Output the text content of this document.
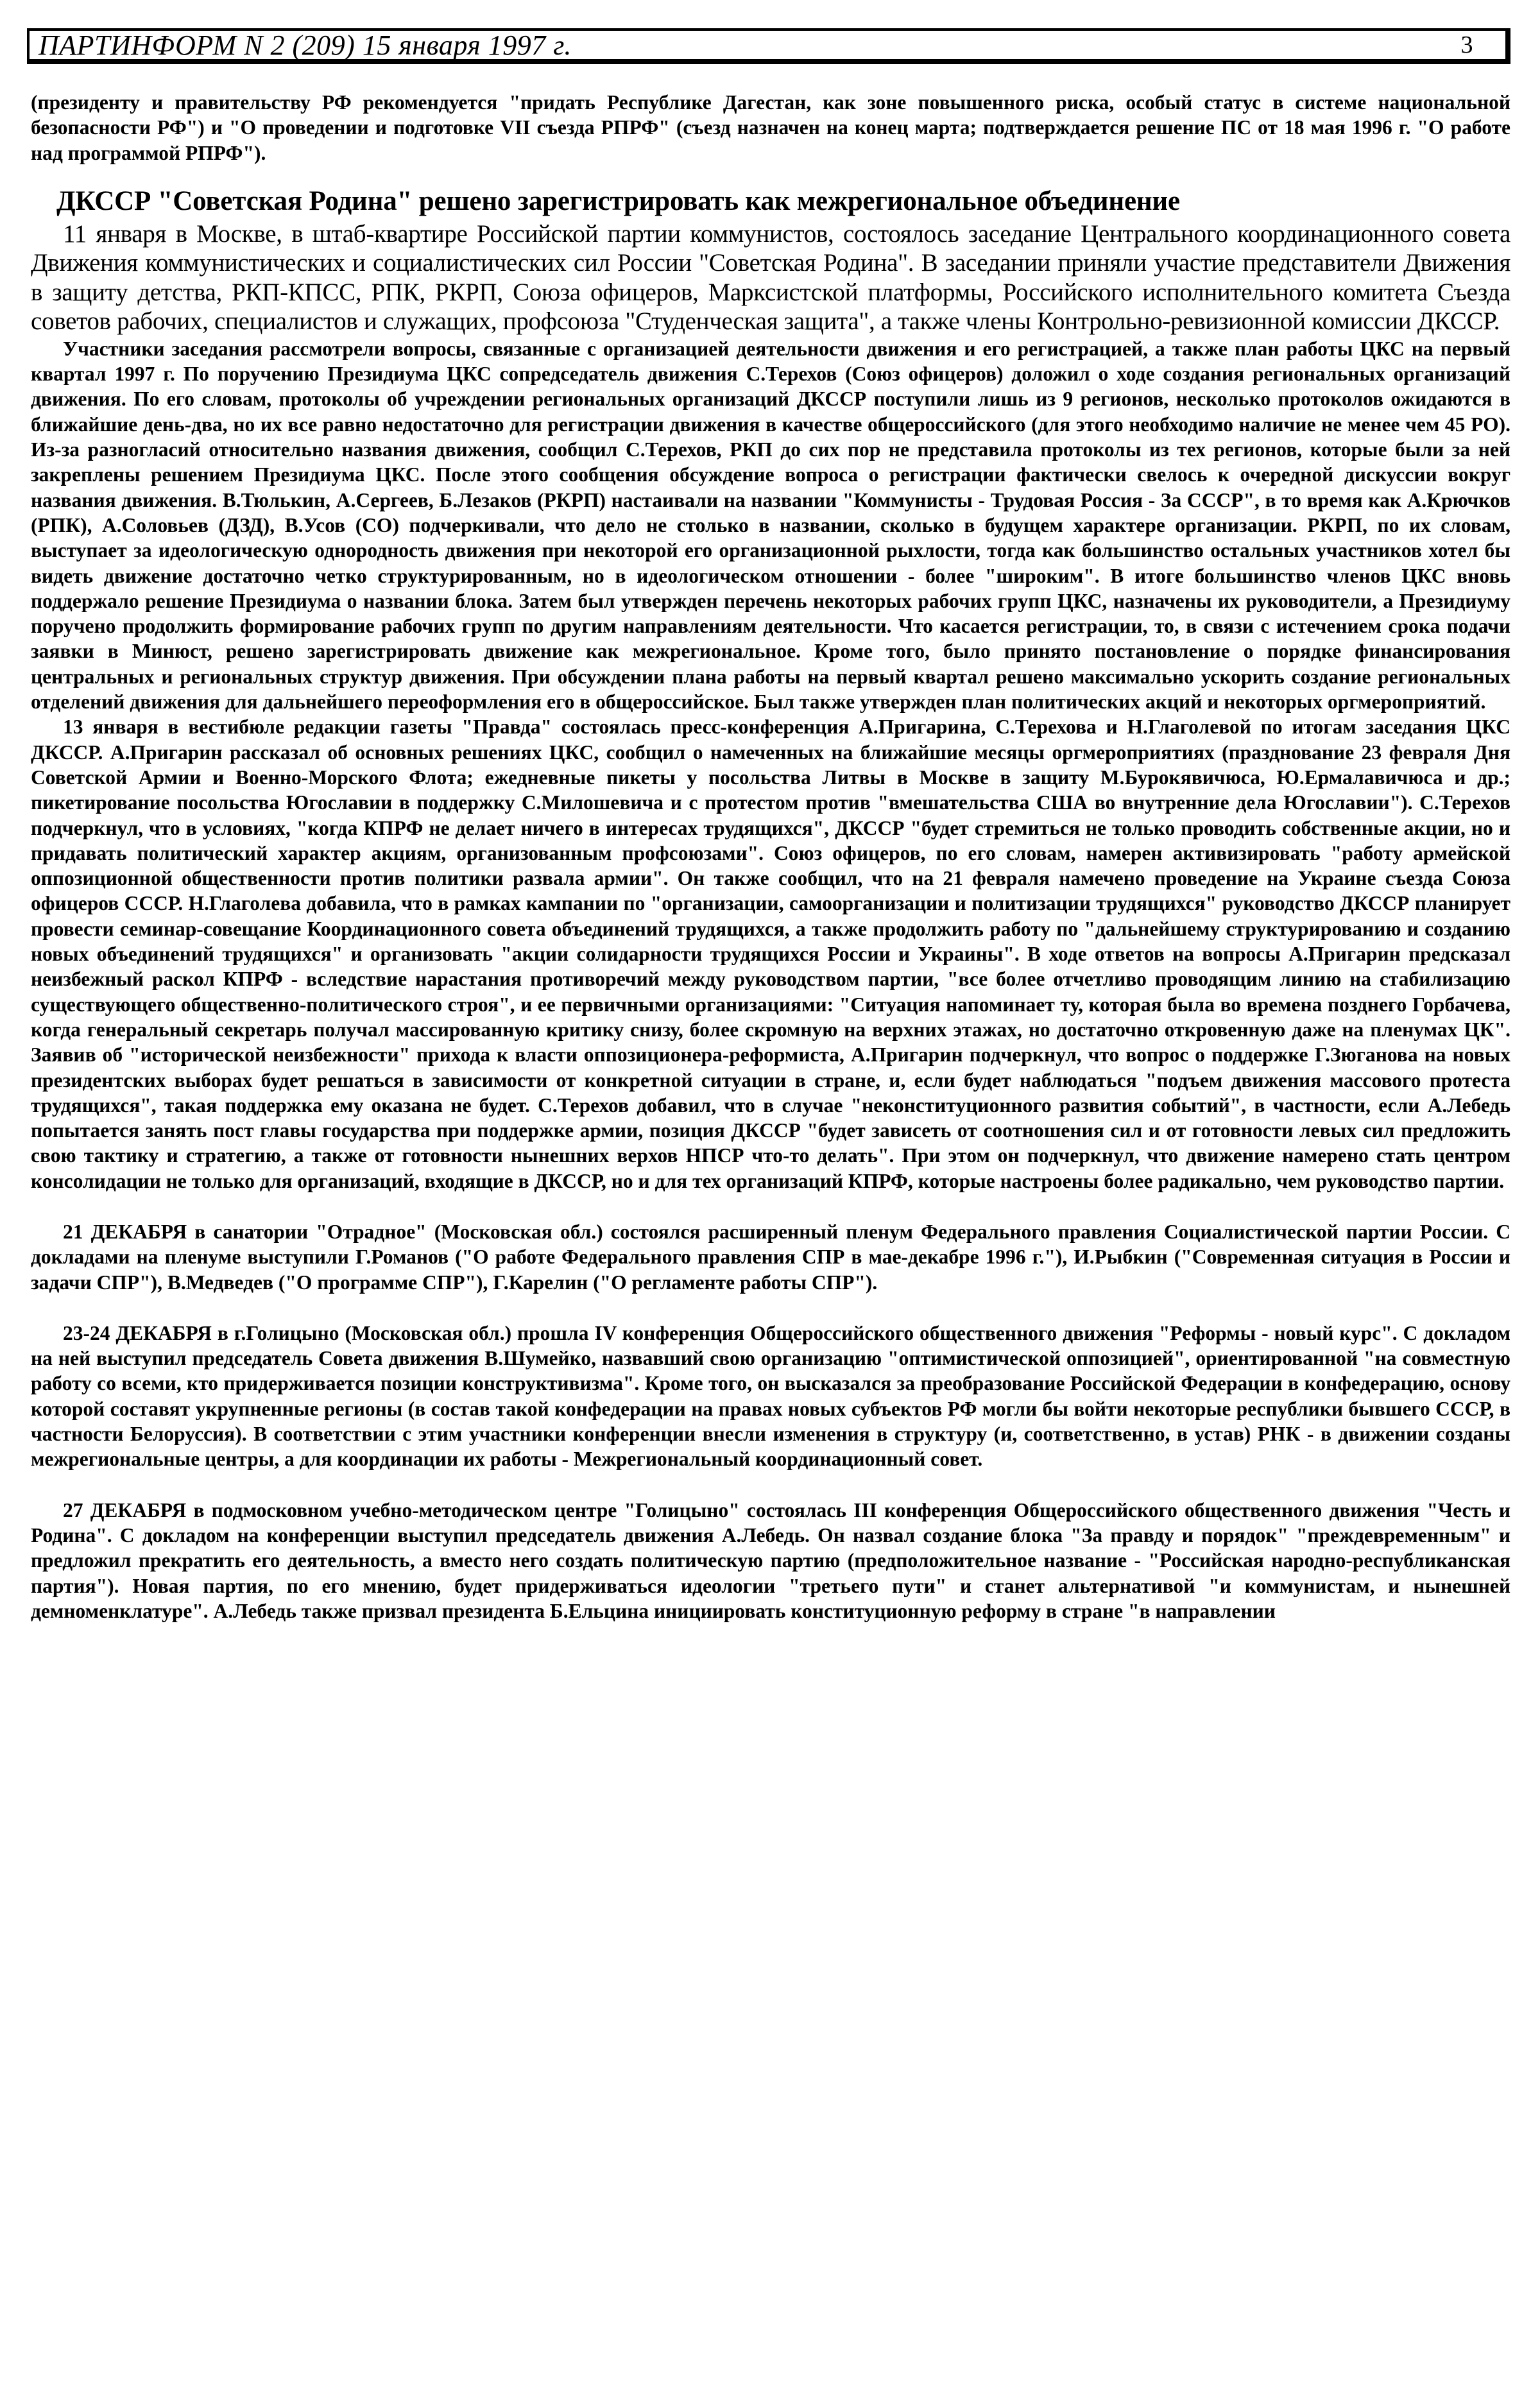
ПАРТИНФОРМ N 2 (209) 15 января 1997 г.	3

(президенту и правительству РФ рекомендуется "придать Республике Дагестан, как зоне повышенного риска, особый статус в системе национальной безопасности РФ") и "О проведении и подготовке VII съезда РПРФ" (съезд назначен на конец марта; подтверждается решение ПС от 18 мая 1996 г. "О работе над программой РПРФ").

ДКССР "Советская Родина" решено зарегистрировать как межрегиональное объединение

11 января в Москве, в штаб-квартире Российской партии коммунистов, состоялось заседание Центрального координационного совета Движения коммунистических и социалистических сил России "Советская Родина". В заседании приняли участие представители Движения в защиту детства, РКП-КПСС, РПК, РКРП, Союза офицеров, Марксистской платформы, Российского исполнительного комитета Съезда советов рабочих, специалистов и служащих, профсоюза "Студенческая защита", а также члены Контрольно-ревизионной комиссии ДКССР.

Участники заседания рассмотрели вопросы, связанные с организацией деятельности движения и его регистрацией, а также план работы ЦКС на первый квартал 1997 г. По поручению Президиума ЦКС сопредседатель движения С.Терехов (Союз офицеров) доложил о ходе создания региональных организаций движения. По его словам, протоколы об учреждении региональных организаций ДКССР поступили лишь из 9 регионов, несколько протоколов ожидаются в ближайшие день-два, но их все равно недостаточно для регистрации движения в качестве общероссийского (для этого необходимо наличие не менее чем 45 РО). Из-за разногласий относительно названия движения, сообщил С.Терехов, РКП до сих пор не представила протоколы из тех регионов, которые были за ней закреплены решением Президиума ЦКС. После этого сообщения обсуждение вопроса о регистрации фактически свелось к очередной дискуссии вокруг названия движения. В.Тюлькин, А.Сергеев, Б.Лезаков (РКРП) настаивали на названии "Коммунисты - Трудовая Россия - За СССР", в то время как А.Крючков (РПК), А.Соловьев (ДЗД), В.Усов (СО) подчеркивали, что дело не столько в названии, сколько в будущем характере организации. РКРП, по их словам, выступает за идеологическую однородность движения при некоторой его организационной рыхлости, тогда как большинство остальных участников хотел бы видеть движение достаточно четко структурированным, но в идеологическом отношении - более "широким". В итоге большинство членов ЦКС вновь поддержало решение Президиума о названии блока. Затем был утвержден перечень некоторых рабочих групп ЦКС, назначены их руководители, а Президиуму поручено продолжить формирование рабочих групп по другим направлениям деятельности. Что касается регистрации, то, в связи с истечением срока подачи заявки в Минюст, решено зарегистрировать движение как межрегиональное. Кроме того, было принято постановление о порядке финансирования центральных и региональных структур движения. При обсуждении плана работы на первый квартал решено максимально ускорить создание региональных отделений движения для дальнейшего переоформления его в общероссийское. Был также утвержден план политических акций и некоторых оргмероприятий.

13 января в вестибюле редакции газеты "Правда" состоялась пресс-конференция А.Пригарина, С.Терехова и Н.Глаголевой по итогам заседания ЦКС ДКССР. А.Пригарин рассказал об основных решениях ЦКС, сообщил о намеченных на ближайшие месяцы оргмероприятиях (празднование 23 февраля Дня Советской Армии и Военно-Морского Флота; ежедневные пикеты у посольства Литвы в Москве в защиту М.Бурокявичюса, Ю.Ермалавичюса и др.; пикетирование посольства Югославии в поддержку С.Милошевича и с протестом против "вмешательства США во внутренние дела Югославии"). С.Терехов подчеркнул, что в условиях, "когда КПРФ не делает ничего в интересах трудящихся", ДКССР "будет стремиться не только проводить собственные акции, но и придавать политический характер акциям, организованным профсоюзами". Союз офицеров, по его словам, намерен активизировать "работу армейской оппозиционной общественности против политики развала армии". Он также сообщил, что на 21 февраля намечено проведение на Украине съезда Союза офицеров СССР. Н.Глаголева добавила, что в рамках кампании по "организации, самоорганизации и политизации трудящихся" руководство ДКССР планирует провести семинар-совещание Координационного совета объединений трудящихся, а также продолжить работу по "дальнейшему структурированию и созданию новых объединений трудящихся" и организовать "акции солидарности трудящихся России и Украины". В ходе ответов на вопросы А.Пригарин предсказал неизбежный раскол КПРФ - вследствие нарастания противоречий между руководством партии, "все более отчетливо проводящим линию на стабилизацию существующего общественно-политического строя", и ее первичными организациями: "Ситуация напоминает ту, которая была во времена позднего Горбачева, когда генеральный секретарь получал массированную критику снизу, более скромную на верхних этажах, но достаточно откровенную даже на пленумах ЦК". Заявив об "исторической неизбежности" прихода к власти оппозиционера-реформиста, А.Пригарин подчеркнул, что вопрос о поддержке Г.Зюганова на новых президентских выборах будет решаться в зависимости от конкретной ситуации в стране, и, если будет наблюдаться "подъем движения массового протеста трудящихся", такая поддержка ему оказана не будет. С.Терехов добавил, что в случае "неконституционного развития событий", в частности, если А.Лебедь попытается занять пост главы государства при поддержке армии, позиция ДКССР "будет зависеть от соотношения сил и от готовности левых сил предложить свою тактику и стратегию, а также от готовности нынешних верхов НПСР что-то делать". При этом он подчеркнул, что движение намерено стать центром консолидации не только для организаций, входящие в ДКССР, но и для тех организаций КПРФ, которые настроены более радикально, чем руководство партии.

21 ДЕКАБРЯ в санатории "Отрадное" (Московская обл.) состоялся расширенный пленум Федерального правления Социалистической партии России. С докладами на пленуме выступили Г.Романов ("О работе Федерального правления СПР в мае-декабре 1996 г."), И.Рыбкин ("Современная ситуация в России и задачи СПР"), В.Медведев ("О программе СПР"), Г.Карелин ("О регламенте работы СПР").

23-24 ДЕКАБРЯ в г.Голицыно (Московская обл.) прошла IV конференция Общероссийского общественного движения "Реформы - новый курс". С докладом на ней выступил председатель Совета движения В.Шумейко, назвавший свою организацию "оптимистической оппозицией", ориентированной "на совместную работу со всеми, кто придерживается позиции конструктивизма". Кроме того, он высказался за преобразование Российской Федерации в конфедерацию, основу которой составят укрупненные регионы (в состав такой конфедерации на правах новых субъектов РФ могли бы войти некоторые республики бывшего СССР, в частности Белоруссия). В соответствии с этим участники конференции внесли изменения в структуру (и, соответственно, в устав) РНК - в движении созданы межрегиональные центры, а для координации их работы - Межрегиональный координационный совет.

27 ДЕКАБРЯ в подмосковном учебно-методическом центре "Голицыно" состоялась III конференция Общероссийского общественного движения "Честь и Родина". С докладом на конференции выступил председатель движения А.Лебедь. Он назвал создание блока "За правду и порядок" "преждевременным" и предложил прекратить его деятельность, а вместо него создать политическую партию (предположительное название - "Российская народно-республиканская партия"). Новая партия, по его мнению, будет придерживаться идеологии "третьего пути" и станет альтернативой "и коммунистам, и нынешней демноменклатуре". А.Лебедь также призвал президента Б.Ельцина инициировать конституционную реформу в стране "в направлении
